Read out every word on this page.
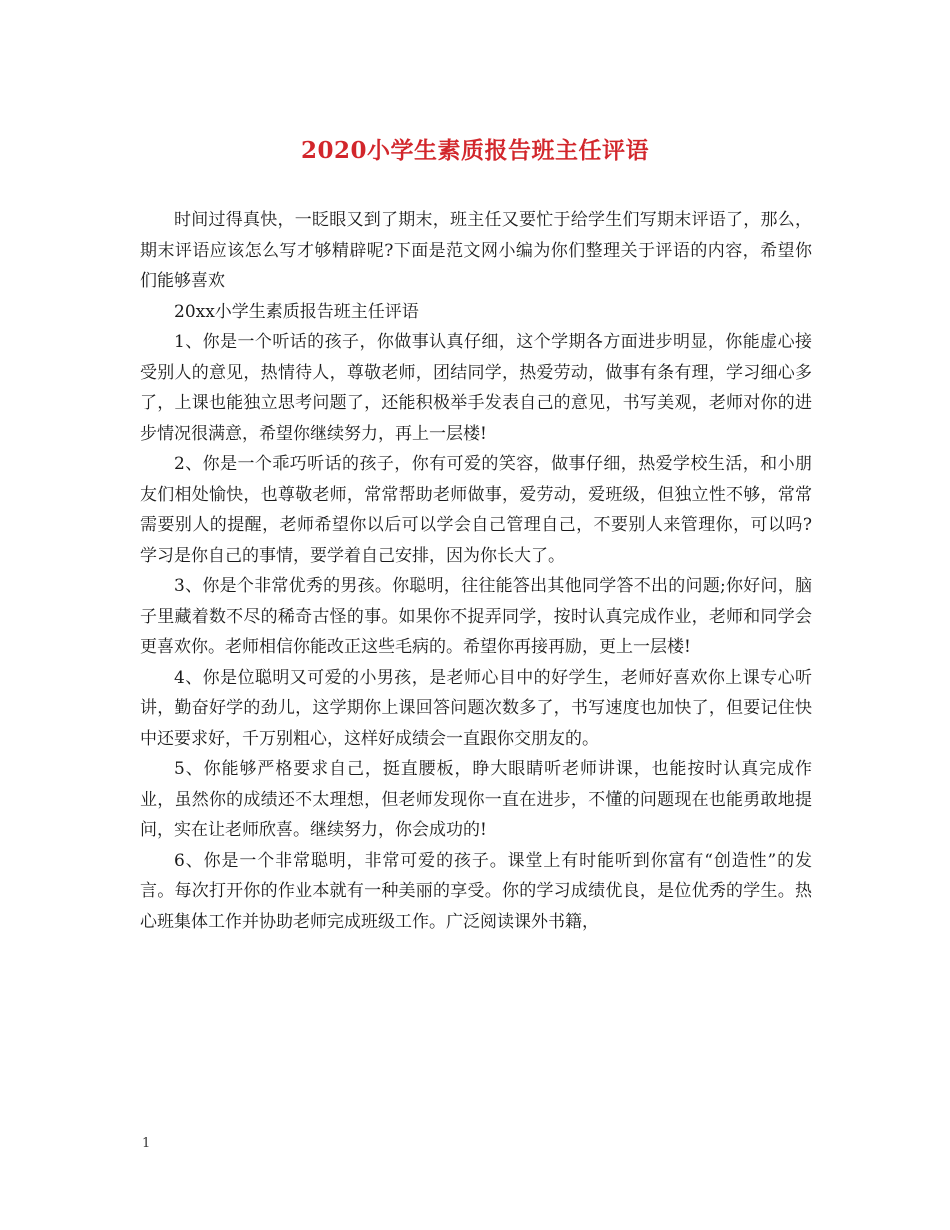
2020小学生素质报告班主任评语

时间过得真快，一眨眼又到了期末，班主任又要忙于给学生们写期末评语了，那么，期末评语应该怎么写才够精辟呢?下面是范文网小编为你们整理关于评语的内容，希望你们能够喜欢

20xx小学生素质报告班主任评语

1、你是一个听话的孩子，你做事认真仔细，这个学期各方面进步明显，你能虚心接受别人的意见，热情待人，尊敬老师，团结同学，热爱劳动，做事有条有理，学习细心多了，上课也能独立思考问题了，还能积极举手发表自己的意见，书写美观，老师对你的进步情况很满意，希望你继续努力，再上一层楼!

2、你是一个乖巧听话的孩子，你有可爱的笑容，做事仔细，热爱学校生活，和小朋友们相处愉快，也尊敬老师，常常帮助老师做事，爱劳动，爱班级，但独立性不够，常常需要别人的提醒，老师希望你以后可以学会自己管理自己，不要别人来管理你，可以吗?学习是你自己的事情，要学着自己安排，因为你长大了。

3、你是个非常优秀的男孩。你聪明，往往能答出其他同学答不出的问题;你好问，脑子里藏着数不尽的稀奇古怪的事。如果你不捉弄同学，按时认真完成作业，老师和同学会更喜欢你。老师相信你能改正这些毛病的。希望你再接再励，更上一层楼!

4、你是位聪明又可爱的小男孩，是老师心目中的好学生，老师好喜欢你上课专心听讲，勤奋好学的劲儿，这学期你上课回答问题次数多了，书写速度也加快了，但要记住快中还要求好，千万别粗心，这样好成绩会一直跟你交朋友的。

5、你能够严格要求自己，挺直腰板，睁大眼睛听老师讲课，也能按时认真完成作业，虽然你的成绩还不太理想，但老师发现你一直在进步，不懂的问题现在也能勇敢地提问，实在让老师欣喜。继续努力，你会成功的!

6、你是一个非常聪明，非常可爱的孩子。课堂上有时能听到你富有“创造性”的发言。每次打开你的作业本就有一种美丽的享受。你的学习成绩优良，是位优秀的学生。热心班集体工作并协助老师完成班级工作。广泛阅读课外书籍，

1
